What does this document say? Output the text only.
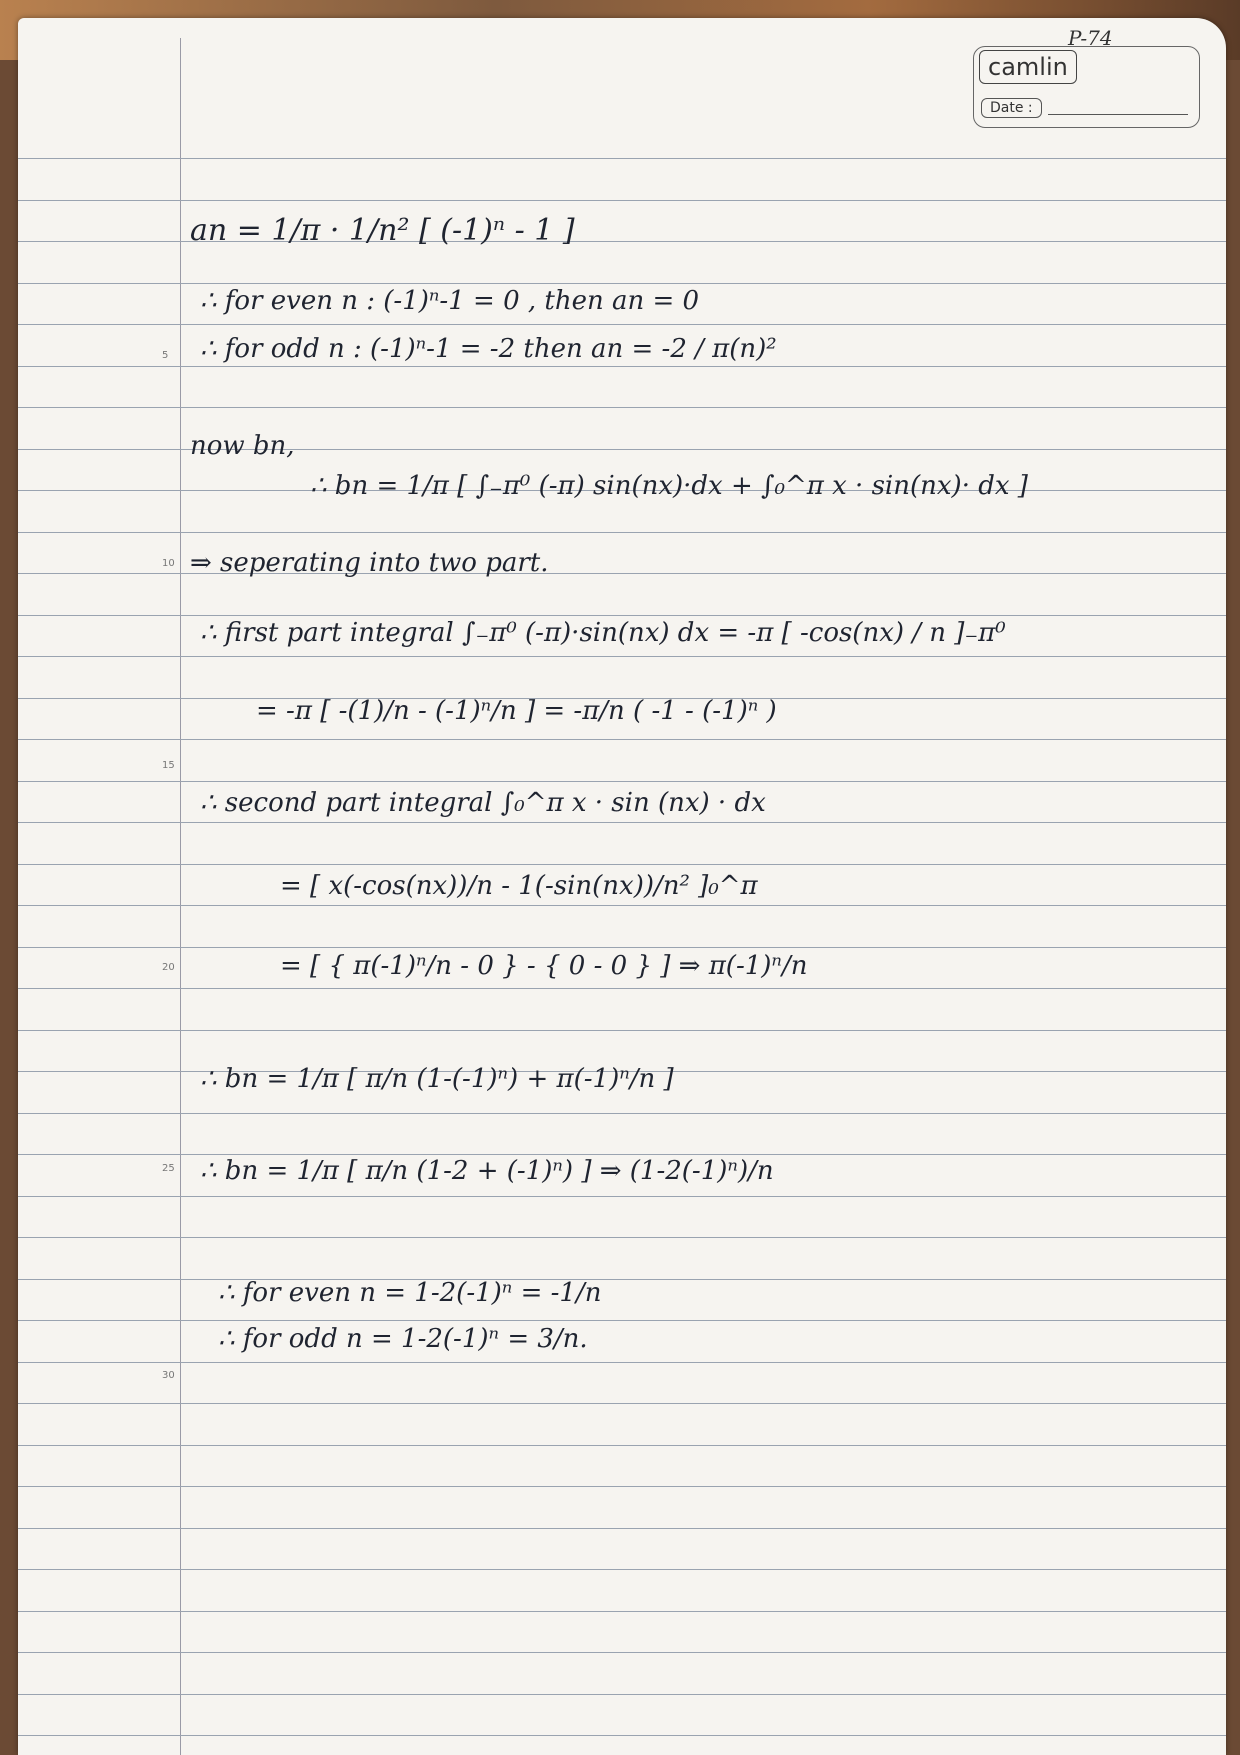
5
10
15
20
25
30
camlin
Date :
P-74
an = 1/π · 1/n² [ (-1)ⁿ - 1 ]
∴ for even n : (-1)ⁿ-1 = 0 , then an = 0
∴ for odd n : (-1)ⁿ-1 = -2 then an = -2 / π(n)²
now bn,
∴ bn = 1/π [ ∫₋π⁰ (-π) sin(nx)·dx + ∫₀^π x · sin(nx)· dx ]
⇒ seperating into two part.
∴ first part integral ∫₋π⁰ (-π)·sin(nx) dx = -π [ -cos(nx) / n ]₋π⁰
= -π [ -(1)/n - (-1)ⁿ/n ] = -π/n ( -1 - (-1)ⁿ )
∴ second part integral ∫₀^π x · sin (nx) · dx
= [ x(-cos(nx))/n - 1(-sin(nx))/n² ]₀^π
= [ { π(-1)ⁿ/n - 0 } - { 0 - 0 } ] ⇒ π(-1)ⁿ/n
∴ bn = 1/π [ π/n (1-(-1)ⁿ) + π(-1)ⁿ/n ]
∴ bn = 1/π [ π/n (1-2 + (-1)ⁿ) ] ⇒ (1-2(-1)ⁿ)/n
∴ for even n = 1-2(-1)ⁿ = -1/n
∴ for odd n = 1-2(-1)ⁿ = 3/n.
